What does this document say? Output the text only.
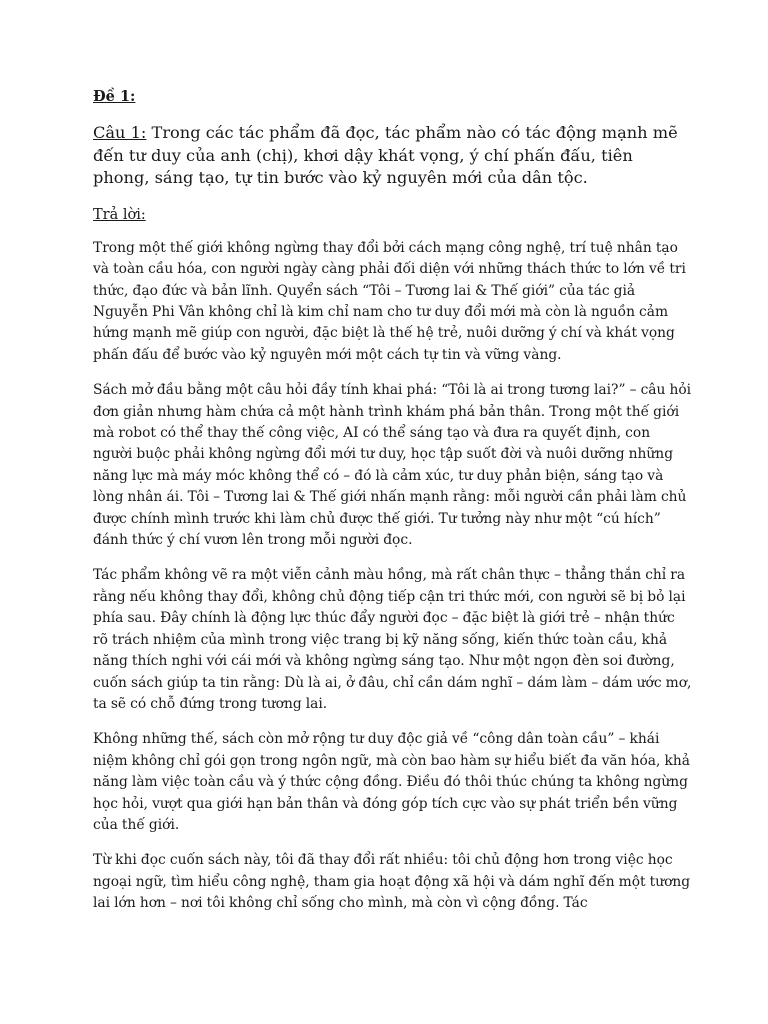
Đề 1:
Câu 1: Trong các tác phẩm đã đọc, tác phẩm nào có tác động mạnh mẽ đến tư duy của anh (chị), khơi dậy khát vọng, ý chí phấn đấu, tiên phong, sáng tạo, tự tin bước vào kỷ nguyên mới của dân tộc.
Trả lời:

Trong một thế giới không ngừng thay đổi bởi cách mạng công nghệ, trí tuệ nhân tạo và toàn cầu hóa, con người ngày càng phải đối diện với những thách thức to lớn về tri thức, đạo đức và bản lĩnh. Quyển sách “Tôi – Tương lai & Thế giới” của tác giả Nguyễn Phi Vân không chỉ là kim chỉ nam cho tư duy đổi mới mà còn là nguồn cảm hứng mạnh mẽ giúp con người, đặc biệt là thế hệ trẻ, nuôi dưỡng ý chí và khát vọng phấn đấu để bước vào kỷ nguyên mới một cách tự tin và vững vàng.

Sách mở đầu bằng một câu hỏi đầy tính khai phá: “Tôi là ai trong tương lai?” – câu hỏi đơn giản nhưng hàm chứa cả một hành trình khám phá bản thân. Trong một thế giới mà robot có thể thay thế công việc, AI có thể sáng tạo và đưa ra quyết định, con người buộc phải không ngừng đổi mới tư duy, học tập suốt đời và nuôi dưỡng những năng lực mà máy móc không thể có – đó là cảm xúc, tư duy phản biện, sáng tạo và lòng nhân ái. Tôi – Tương lai & Thế giới nhấn mạnh rằng: mỗi người cần phải làm chủ được chính mình trước khi làm chủ được thế giới. Tư tưởng này như một “cú hích” đánh thức ý chí vươn lên trong mỗi người đọc.

Tác phẩm không vẽ ra một viễn cảnh màu hồng, mà rất chân thực – thẳng thắn chỉ ra rằng nếu không thay đổi, không chủ động tiếp cận tri thức mới, con người sẽ bị bỏ lại phía sau. Đây chính là động lực thúc đẩy người đọc – đặc biệt là giới trẻ – nhận thức rõ trách nhiệm của mình trong việc trang bị kỹ năng sống, kiến thức toàn cầu, khả năng thích nghi với cái mới và không ngừng sáng tạo. Như một ngọn đèn soi đường, cuốn sách giúp ta tin rằng: Dù là ai, ở đâu, chỉ cần dám nghĩ – dám làm – dám ước mơ, ta sẽ có chỗ đứng trong tương lai.

Không những thế, sách còn mở rộng tư duy độc giả về “công dân toàn cầu” – khái niệm không chỉ gói gọn trong ngôn ngữ, mà còn bao hàm sự hiểu biết đa văn hóa, khả năng làm việc toàn cầu và ý thức cộng đồng. Điều đó thôi thúc chúng ta không ngừng học hỏi, vượt qua giới hạn bản thân và đóng góp tích cực vào sự phát triển bền vững của thế giới.

Từ khi đọc cuốn sách này, tôi đã thay đổi rất nhiều: tôi chủ động hơn trong việc học ngoại ngữ, tìm hiểu công nghệ, tham gia hoạt động xã hội và dám nghĩ đến một tương lai lớn hơn – nơi tôi không chỉ sống cho mình, mà còn vì cộng đồng. Tác
